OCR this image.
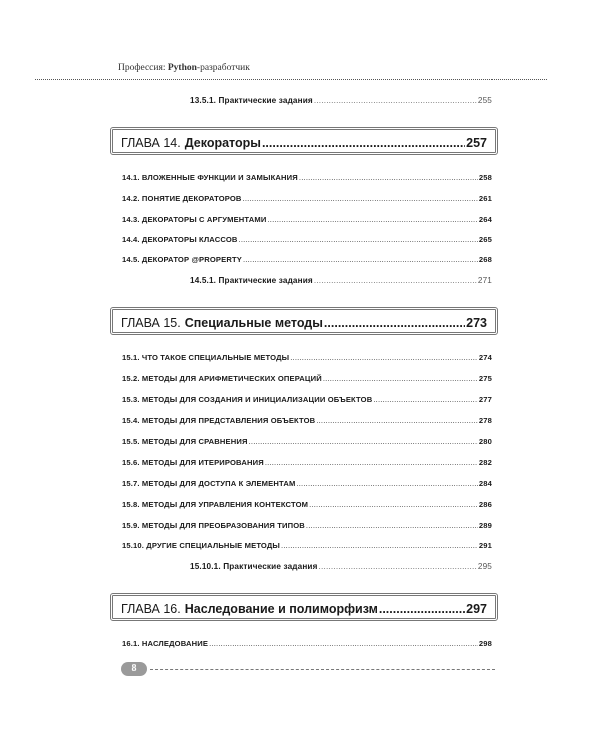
Профессия: Python-разработчик
13.5.1. Практические задания .....	255
ГЛАВА 14. Декораторы .....	257
14.1. ВЛОЖЕННЫЕ ФУНКЦИИ И ЗАМЫКАНИЯ .....	258
14.2. ПОНЯТИЕ ДЕКОРАТОРОВ .....	261
14.3. ДЕКОРАТОРЫ С АРГУМЕНТАМИ .....	264
14.4. ДЕКОРАТОРЫ КЛАССОВ .....	265
14.5. ДЕКОРАТОР @PROPERTY .....	268
14.5.1. Практические задания .....	271
ГЛАВА 15. Специальные методы .....	273
15.1. ЧТО ТАКОЕ СПЕЦИАЛЬНЫЕ МЕТОДЫ .....	274
15.2. МЕТОДЫ ДЛЯ АРИФМЕТИЧЕСКИХ ОПЕРАЦИЙ .....	275
15.3. МЕТОДЫ ДЛЯ СОЗДАНИЯ И ИНИЦИАЛИЗАЦИИ ОБЪЕКТОВ .....	277
15.4. МЕТОДЫ ДЛЯ ПРЕДСТАВЛЕНИЯ ОБЪЕКТОВ .....	278
15.5. МЕТОДЫ ДЛЯ СРАВНЕНИЯ .....	280
15.6. МЕТОДЫ ДЛЯ ИТЕРИРОВАНИЯ .....	282
15.7. МЕТОДЫ ДЛЯ ДОСТУПА К ЭЛЕМЕНТАМ .....	284
15.8. МЕТОДЫ ДЛЯ УПРАВЛЕНИЯ КОНТЕКСТОМ .....	286
15.9. МЕТОДЫ ДЛЯ ПРЕОБРАЗОВАНИЯ ТИПОВ .....	289
15.10. ДРУГИЕ СПЕЦИАЛЬНЫЕ МЕТОДЫ .....	291
15.10.1. Практические задания .....	295
ГЛАВА 16. Наследование и полиморфизм .....	297
16.1. НАСЛЕДОВАНИЕ .....	298
8
